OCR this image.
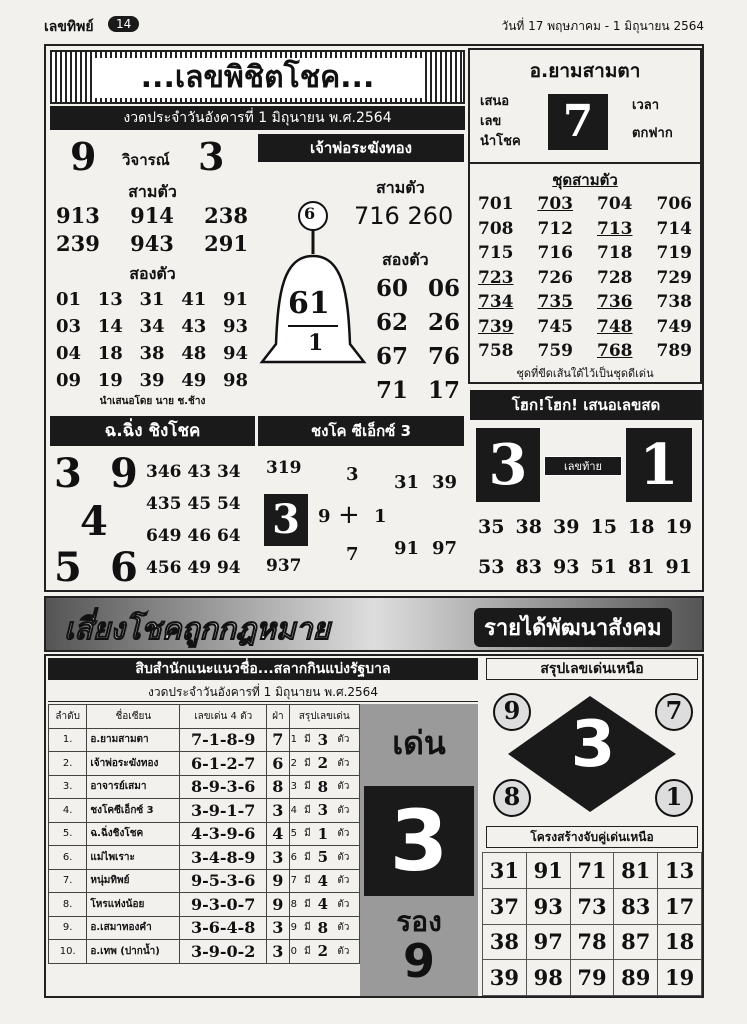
เลขทิพย์	14	วันที่ 17 พฤษภาคม - 1 มิถุนายน 2564
...เลขพิชิตโชค...
งวดประจำวันอังคารที่ 1 มิถุนายน พ.ศ.2564
9 วิจารณ์ 3
สามตัว
913 914 238
239 943 291
สองตัว
01 13 31 41 91
03 14 34 43 93
04 18 38 48 94
09 19 39 49 98
นำเสนอโดย นาย ช.ช้าง
เจ้าพ่อระฆังทอง
สามตัว
716 260
สองตัว
6
61
1
60 06
62 26
67 76
71 17
อ.ยามสามตา
เสนอ
เลข
นำโชค 7	เวลา
ตกฟาก
ชุดสามตัว
701 703 704 706
708 712 713 714
715 716 718 719
723 726 728 729
734 735 736 738
739 745 748 749
758 759 768 789
ชุดที่ขีดเส้นใต้ไว้เป็นชุดดีเด่น
ฉ.ฉิ่ง ชิงโชค
3 9
4
5 6
346 43 34
435 45 54
649 46 64
456 49 94
ชงโค ซีเอ็กซ์ 3
319
3
3
9 + 1
7
937
31 39
91 97
โฮก!โฮก! เสนอเลขสด
3	เลขท้าย 1
35 38 39 15 18 19
53 83 93 51 81 91
เสี่ยงโชคถูกกฎหมาย	รายได้พัฒนาสังคม
สิบสำนักแนะแนวชื่อ...สลากกินแบ่งรัฐบาล
งวดประจำวันอังคารที่ 1 มิถุนายน พ.ศ.2564
ลำดับ	ชื่อเซียน	เลขเด่น 4 ตัว	ฝ่า	สรุปเลขเด่น			
1.	อ.ยามสามตา	7-1-8-9	7	1	มี	3	ตัว
2.	เจ้าพ่อระฆังทอง	6-1-2-7	6	2	มี	2	ตัว
3.	อาจารย์เสมา	8-9-3-6	8	3	มี	8	ตัว
4.	ชงโคซีเอ็กซ์ 3	3-9-1-7	3	4	มี	3	ตัว
5.	ฉ.ฉิ่งชิงโชค	4-3-9-6	4	5	มี	1	ตัว
6.	แม่ไพเราะ	3-4-8-9	3	6	มี	5	ตัว
7.	หนุ่มทิพย์	9-5-3-6	9	7	มี	4	ตัว
8.	โหรแห่งน้อย	9-3-0-7	9	8	มี	4	ตัว
9.	อ.เสมาทองคำ	3-6-4-8	3	9	มี	8	ตัว
10.	อ.เทพ (ปากน้ำ)	3-9-0-2	3	0	มี	2	ตัว
เด่น
3
รอง
9
สรุปเลขเด่นเหนือ
9	7
8	1
3
โครงสร้างจับคู่เด่นเหนือ
31	91	71	81	13
37	93	73	83	17
38	97	78	87	18
39	98	79	89	19
